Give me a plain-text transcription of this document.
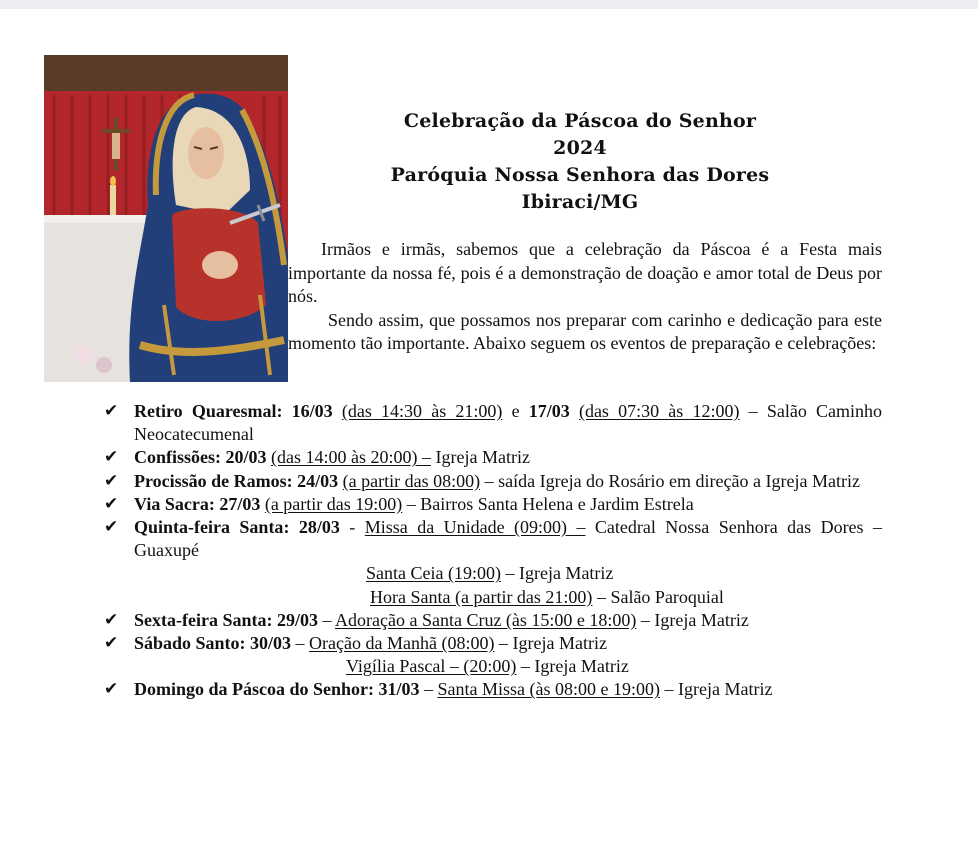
Celebração da Páscoa do Senhor
2024
Paróquia Nossa Senhora das Dores
Ibiraci/MG

Irmãos e irmãs, sabemos que a celebração da Páscoa é a Festa mais importante da nossa fé, pois é a demonstração de doação e amor total de Deus por nós.

Sendo assim, que possamos nos preparar com carinho e dedicação para este momento tão importante. Abaixo seguem os eventos de preparação e celebrações:

✔ Retiro Quaresmal: 16/03 (das 14:30 às 21:00) e 17/03 (das 07:30 às 12:00) – Salão Caminho Neocatecumenal
✔ Confissões: 20/03 (das 14:00 às 20:00) – Igreja Matriz
✔ Procissão de Ramos: 24/03 (a partir das 08:00) – saída Igreja do Rosário em direção a Igreja Matriz
✔ Via Sacra: 27/03 (a partir das 19:00) – Bairros Santa Helena e Jardim Estrela
✔ Quinta-feira Santa: 28/03 - Missa da Unidade (09:00) – Catedral Nossa Senhora das Dores – Guaxupé
Santa Ceia (19:00) – Igreja Matriz
Hora Santa (a partir das 21:00) – Salão Paroquial
✔ Sexta-feira Santa: 29/03 – Adoração a Santa Cruz (às 15:00 e 18:00) – Igreja Matriz
✔ Sábado Santo: 30/03 – Oração da Manhã (08:00) – Igreja Matriz
Vigília Pascal – (20:00) – Igreja Matriz
✔ Domingo da Páscoa do Senhor: 31/03 – Santa Missa (às 08:00 e 19:00) – Igreja Matriz
